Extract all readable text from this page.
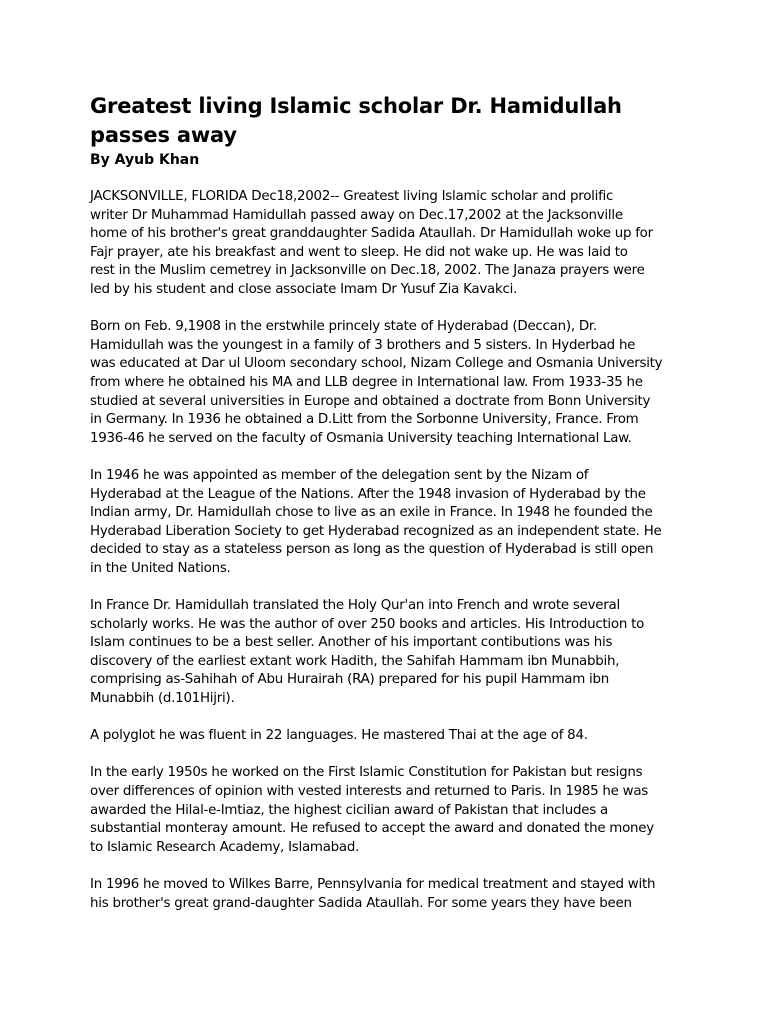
Greatest living Islamic scholar Dr. Hamidullah
passes away
By Ayub Khan

JACKSONVILLE, FLORIDA Dec18,2002-- Greatest living Islamic scholar and prolific
writer Dr Muhammad Hamidullah passed away on Dec.17,2002 at the Jacksonville
home of his brother's great granddaughter Sadida Ataullah. Dr Hamidullah woke up for
Fajr prayer, ate his breakfast and went to sleep. He did not wake up. He was laid to
rest in the Muslim cemetrey in Jacksonville on Dec.18, 2002. The Janaza prayers were
led by his student and close associate Imam Dr Yusuf Zia Kavakci.

Born on Feb. 9,1908 in the erstwhile princely state of Hyderabad (Deccan), Dr.
Hamidullah was the youngest in a family of 3 brothers and 5 sisters. In Hyderbad he
was educated at Dar ul Uloom secondary school, Nizam College and Osmania University
from where he obtained his MA and LLB degree in International law. From 1933-35 he
studied at several universities in Europe and obtained a doctrate from Bonn University
in Germany. In 1936 he obtained a D.Litt from the Sorbonne University, France. From
1936-46 he served on the faculty of Osmania University teaching International Law.

In 1946 he was appointed as member of the delegation sent by the Nizam of
Hyderabad at the League of the Nations. After the 1948 invasion of Hyderabad by the
Indian army, Dr. Hamidullah chose to live as an exile in France. In 1948 he founded the
Hyderabad Liberation Society to get Hyderabad recognized as an independent state. He
decided to stay as a stateless person as long as the question of Hyderabad is still open
in the United Nations.

In France Dr. Hamidullah translated the Holy Qur'an into French and wrote several
scholarly works. He was the author of over 250 books and articles. His Introduction to
Islam continues to be a best seller. Another of his important contibutions was his
discovery of the earliest extant work Hadith, the Sahifah Hammam ibn Munabbih,
comprising as-Sahihah of Abu Hurairah (RA) prepared for his pupil Hammam ibn
Munabbih (d.101Hijri).

A polyglot he was fluent in 22 languages. He mastered Thai at the age of 84.

In the early 1950s he worked on the First Islamic Constitution for Pakistan but resigns
over differences of opinion with vested interests and returned to Paris. In 1985 he was
awarded the Hilal-e-Imtiaz, the highest cicilian award of Pakistan that includes a
substantial monteray amount. He refused to accept the award and donated the money
to Islamic Research Academy, Islamabad.

In 1996 he moved to Wilkes Barre, Pennsylvania for medical treatment and stayed with
his brother's great grand-daughter Sadida Ataullah. For some years they have been
